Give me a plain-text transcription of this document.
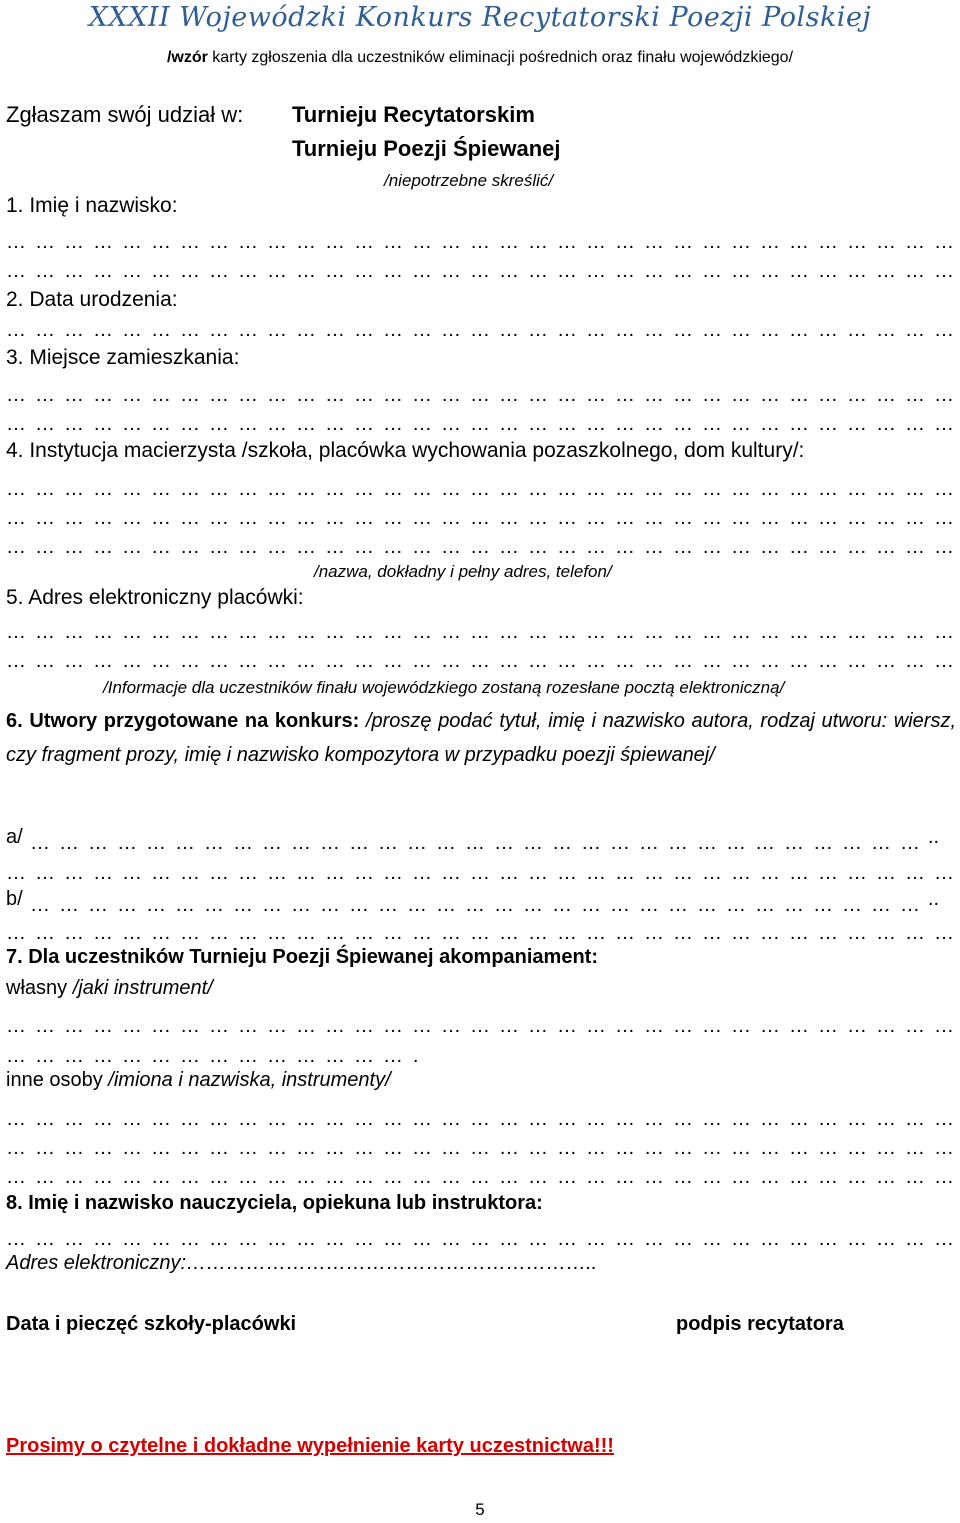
XXXII Wojewódzki Konkurs Recytatorski Poezji Polskiej
/wzór karty zgłoszenia dla uczestników eliminacji pośrednich oraz finału wojewódzkiego/
Zgłaszam swój udział w: Turnieju Recytatorskim
Turnieju Poezji Śpiewanej
/niepotrzebne skreślić/
1. Imię i nazwisko:
…………………………………………………………………………………………………………………………………
…………………………………………………………………………………………………………………………………
2. Data urodzenia:
…………………………………………………………………………………………………………………………………
3. Miejsce zamieszkania:
…………………………………………………………………………………………………………………………………
…………………………………………………………………………………………………………………………………
4. Instytucja macierzysta /szkoła, placówka wychowania pozaszkolnego, dom kultury/:
…………………………………………………………………………………………………………………………………
…………………………………………………………………………………………………………………………………
…………………………………………………………………………………………………………………………………
/nazwa, dokładny i pełny adres, telefon/
5. Adres elektroniczny placówki:
…………………………………………………………………………………………………………………………………
…………………………………………………………………………………………………………………………………
/Informacje dla uczestników finału wojewódzkiego zostaną rozesłane pocztą elektroniczną/
6. Utwory przygotowane na konkurs: /proszę podać tytuł, imię i nazwisko autora, rodzaj utworu: wiersz, czy fragment prozy, imię i nazwisko kompozytora w przypadku poezji śpiewanej/
a/ …………………………………………………………………………………………………………………………………	..
…………………………………………………………………………………………………………………………………
b/ …………………………………………………………………………………………………………………………………	..
…………………………………………………………………………………………………………………………………
7. Dla uczestników Turnieju Poezji Śpiewanej akompaniament:
własny /jaki instrument/
…………………………………………………………………………………………………………………………………
…………………………………………………………………………………………………………………………………
inne osoby /imiona i nazwiska, instrumenty/
…………………………………………………………………………………………………………………………………
…………………………………………………………………………………………………………………………………
…………………………………………………………………………………………………………………………………
8. Imię i nazwisko nauczyciela, opiekuna lub instruktora:
…………………………………………………………………………………………………………………………………
Adres elektroniczny:……………………………………………………..
Data i pieczęć szkoły-placówki	podpis recytatora
Prosimy o czytelne i dokładne wypełnienie karty uczestnictwa!!!
5
